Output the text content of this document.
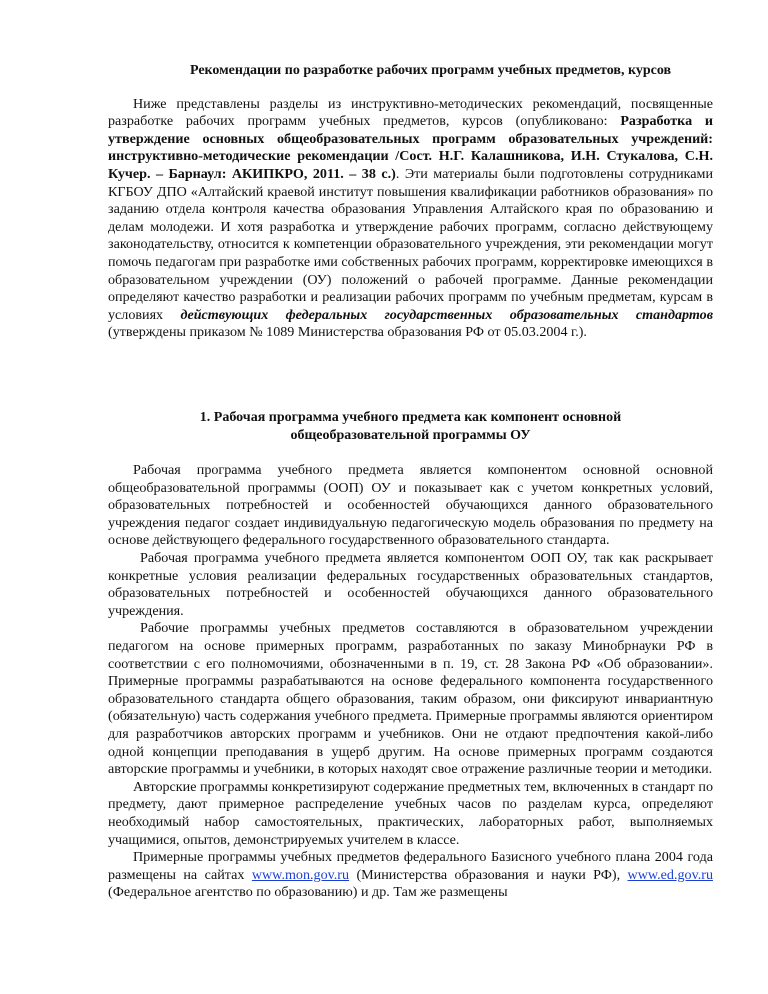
Рекомендации по разработке рабочих программ учебных предметов, курсов

Ниже представлены разделы из инструктивно-методических рекомендаций, посвященные разработке рабочих программ учебных предметов, курсов (опубликовано: Разработка и утверждение основных общеобразовательных программ образовательных учреждений: инструктивно-методические рекомендации /Сост. Н.Г. Калашникова, И.Н. Стукалова, С.Н. Кучер. – Барнаул: АКИПКРО, 2011. – 38 с.). Эти материалы были подготовлены сотрудниками КГБОУ ДПО «Алтайский краевой институт повышения квалификации работников образования» по заданию отдела контроля качества образования Управления Алтайского края по образованию и делам молодежи. И хотя разработка и утверждение рабочих программ, согласно действующему законодательству, относится к компетенции образовательного учреждения, эти рекомендации могут помочь педагогам при разработке ими собственных рабочих программ, корректировке имеющихся в образовательном учреждении (ОУ) положений о рабочей программе. Данные рекомендации определяют качество разработки и реализации рабочих программ по учебным предметам, курсам в условиях действующих федеральных государственных образовательных стандартов (утверждены приказом № 1089 Министерства образования РФ от 05.03.2004 г.).

1. Рабочая программа учебного предмета как компонент основной общеобразовательной программы ОУ

Рабочая программа учебного предмета является компонентом основной основной общеобразовательной программы (ООП) ОУ и показывает как с учетом конкретных условий, образовательных потребностей и особенностей обучающихся данного образовательного учреждения педагог создает индивидуальную педагогическую модель образования по предмету на основе действующего федерального государственного образовательного стандарта.

Рабочая программа учебного предмета является компонентом ООП ОУ, так как раскрывает конкретные условия реализации федеральных государственных образовательных стандартов, образовательных потребностей и особенностей обучающихся данного образовательного учреждения.

Рабочие программы учебных предметов составляются в образовательном учреждении педагогом на основе примерных программ, разработанных по заказу Минобрнауки РФ в соответствии с его полномочиями, обозначенными в п. 19, ст. 28 Закона РФ «Об образовании». Примерные программы разрабатываются на основе федерального компонента государственного образовательного стандарта общего образования, таким образом, они фиксируют инвариантную (обязательную) часть содержания учебного предмета. Примерные программы являются ориентиром для разработчиков авторских программ и учебников. Они не отдают предпочтения какой-либо одной концепции преподавания в ущерб другим. На основе примерных программ создаются авторские программы и учебники, в которых находят свое отражение различные теории и методики.

Авторские программы конкретизируют содержание предметных тем, включенных в стандарт по предмету, дают примерное распределение учебных часов по разделам курса, определяют необходимый набор самостоятельных, практических, лабораторных работ, выполняемых учащимися, опытов, демонстрируемых учителем в классе.

Примерные программы учебных предметов федерального Базисного учебного плана 2004 года размещены на сайтах www.mon.gov.ru (Министерства образования и науки РФ), www.ed.gov.ru (Федеральное агентство по образованию) и др. Там же размещены
